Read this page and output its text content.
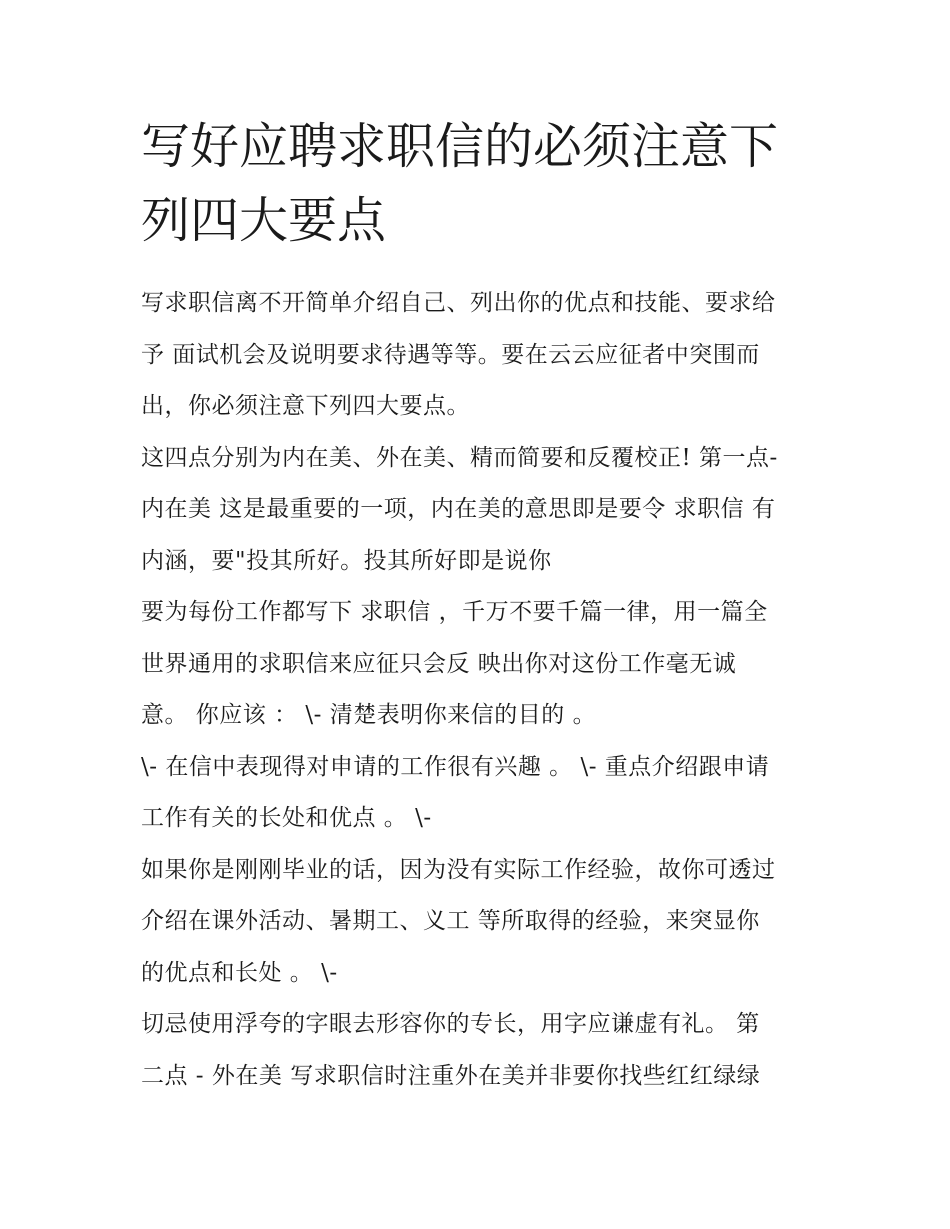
写好应聘求职信的必须注意下
列四大要点
写求职信离不开简单介绍自己、列出你的优点和技能、要求给
予 面试机会及说明要求待遇等等。要在云云应征者中突围而
出，你必须注意下列四大要点。
这四点分别为内在美、外在美、精而简要和反覆校正! 第一点-
内在美 这是最重要的一项，内在美的意思即是要令 求职信 有
内涵，要"投其所好。投其所好即是说你
要为每份工作都写下 求职信 ，千万不要千篇一律，用一篇全
世界通用的求职信来应征只会反 映出你对这份工作毫无诚
意。 你应该 ： \- 清楚表明你来信的目的 。
\- 在信中表现得对申请的工作很有兴趣 。 \- 重点介绍跟申请
工作有关的长处和优点 。 \-
如果你是刚刚毕业的话，因为没有实际工作经验，故你可透过
介绍在课外活动、暑期工、义工 等所取得的经验，来突显你
的优点和长处 。 \-
切忌使用浮夸的字眼去形容你的专长，用字应谦虚有礼。 第
二点 - 外在美 写求职信时注重外在美并非要你找些红红绿绿
